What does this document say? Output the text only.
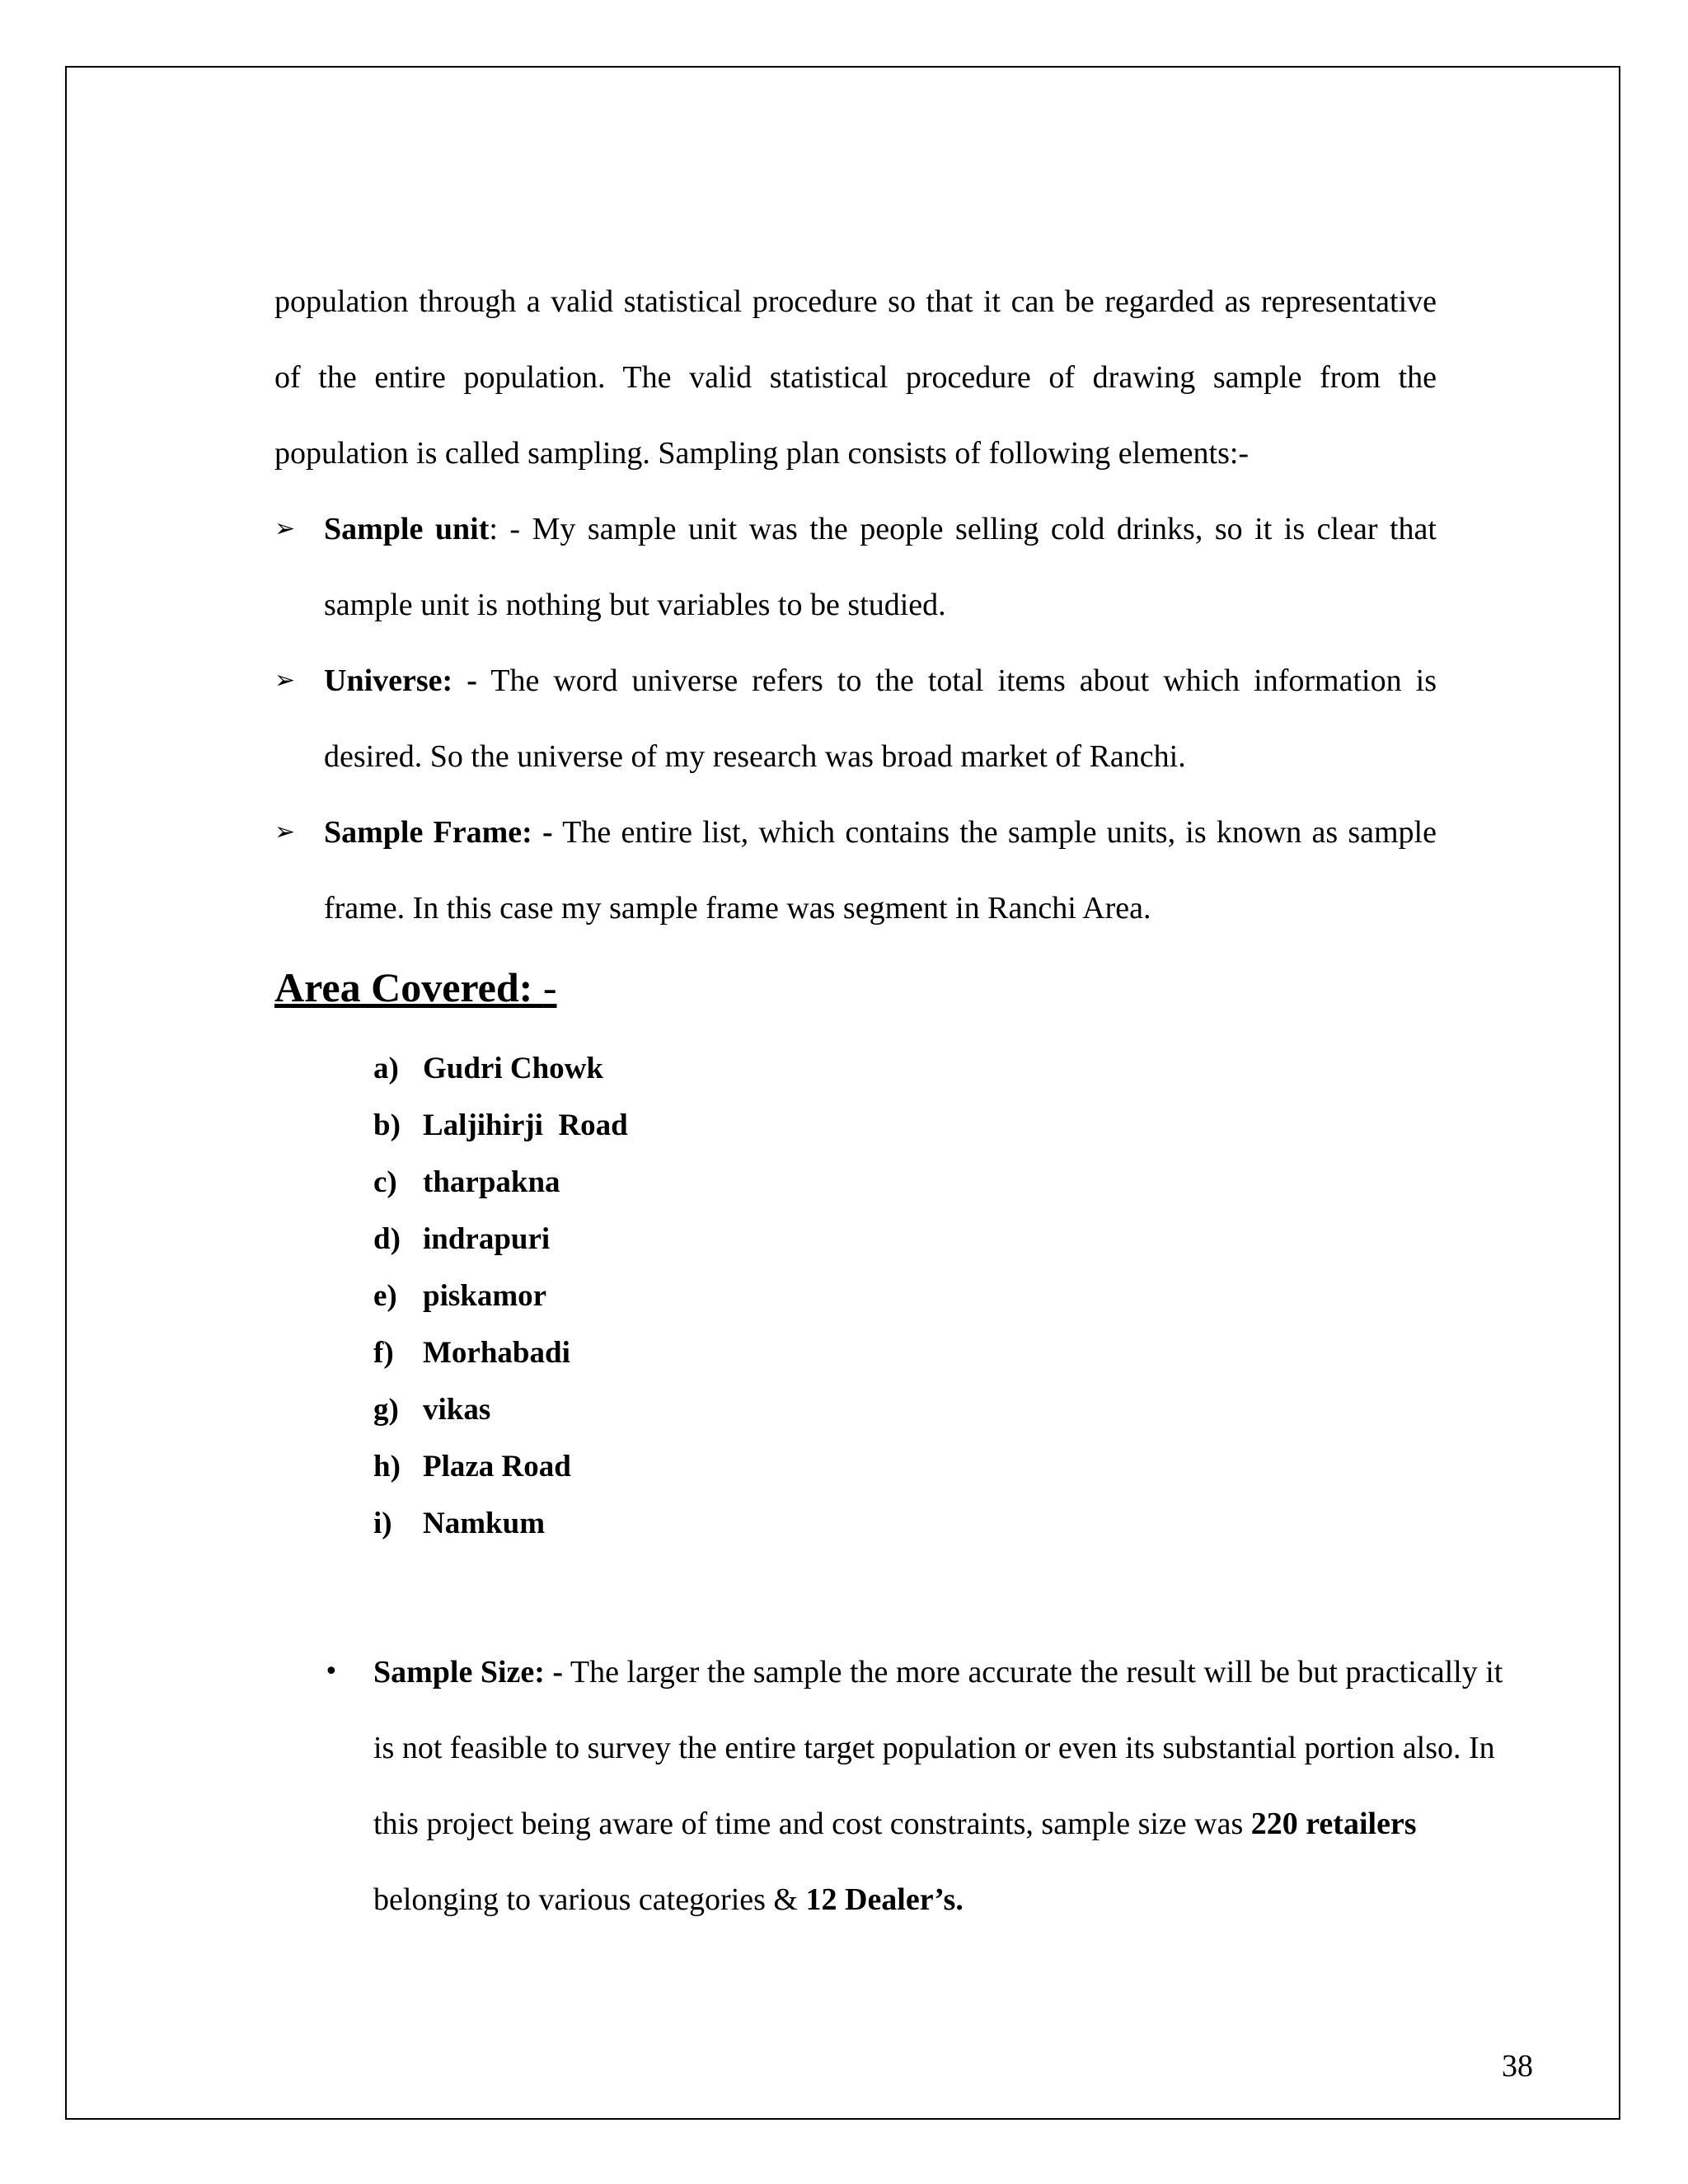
population through a valid statistical procedure so that it can be regarded as representative of the entire population. The valid statistical procedure of drawing sample from the population is called sampling. Sampling plan consists of following elements:-

➢ Sample unit: - My sample unit was the people selling cold drinks, so it is clear that sample unit is nothing but variables to be studied.
➢ Universe: - The word universe refers to the total items about which information is desired. So the universe of my research was broad market of Ranchi.
➢ Sample Frame: - The entire list, which contains the sample units, is known as sample frame. In this case my sample frame was segment in Ranchi Area.
Area Covered: -
a) Gudri Chowk
b) Laljihirji  Road
c) tharpakna
d) indrapuri
e) piskamor
f) Morhabadi
g) vikas
h) Plaza Road
i)	Namkum
• Sample Size: - The larger the sample the more accurate the result will be but practically it is not feasible to survey the entire target population or even its substantial portion also. In this project being aware of time and cost constraints, sample size was 220 retailers belonging to various categories & 12 Dealer’s.

38
